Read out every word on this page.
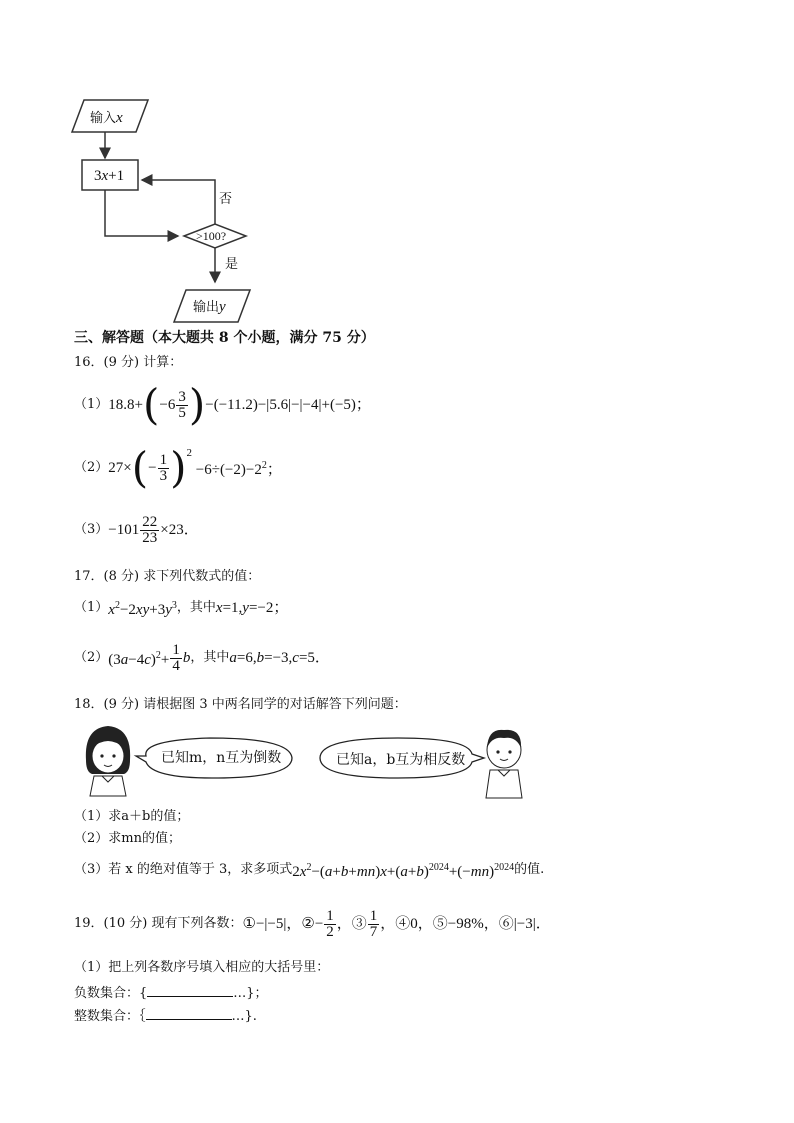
输入x
3x+1
>100?
否
是
输出y
三、解答题（本大题共 8 个小题，满分 75 分）
16．(9 分) 计算：
（1） 18.8+ ( $-6 \frac{3}{5}$ ) −(−11.2)−|5.6|−|−4|+(−5)；
（2） 27× ( − $\frac{1}{3}$ ) 2
$-6\div(-2)-2^2$；
$(3) -101 \frac{22}{23} \times 23$．
17．(8 分) 求下列代数式的值：
（1） $x^2-2xy+3y^3$ ，其中 x=1,y=−2；
（2） $(3a-4c)^2+ \frac{1}{4}$ b ，其中 a=6,b=−3,c=5．
18．(9 分) 请根据图 3 中两名同学的对话解答下列问题：
已知m，n互为倒数	已知a，b互为相反数
（1）求a＋b的值；
（2）求mn的值；
（3）若 x 的绝对值等于 3，求多项式 $2x^2-(a+b+mn)x+(a+b)^{2024}+(-mn)^{2024}$ 的值.
19．(10 分) 现有下列各数： ①−|−5|，②− $\frac{1}{2}$ ，③ $\frac{1}{7}$ ，④0，⑤−98%，⑥|−3|．
（1）把上列各数序号填入相应的大括号里：
负数集合：{	…}；
整数集合：｛	…}.
